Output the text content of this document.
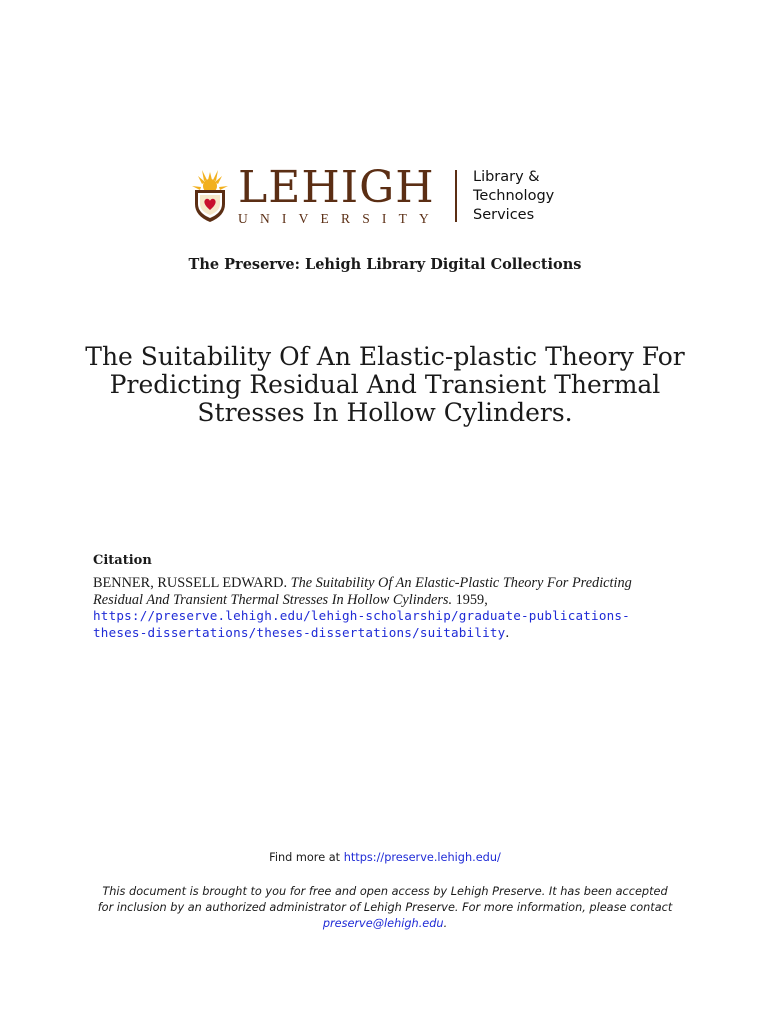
LEHIGH
UNIVERSITY
Library &
Technology
Services
The Preserve: Lehigh Library Digital Collections
The Suitability Of An Elastic-plastic Theory For Predicting Residual And Transient Thermal Stresses In Hollow Cylinders.
Citation

BENNER, RUSSELL EDWARD. The Suitability Of An Elastic-Plastic Theory For Predicting Residual And Transient Thermal Stresses In Hollow Cylinders. 1959, https://preserve.lehigh.edu/lehigh-scholarship/graduate-publications-theses-dissertations/theses-dissertations/suitability.

Find more at https://preserve.lehigh.edu/

This document is brought to you for free and open access by Lehigh Preserve. It has been accepted for inclusion by an authorized administrator of Lehigh Preserve. For more information, please contact
preserve@lehigh.edu.
